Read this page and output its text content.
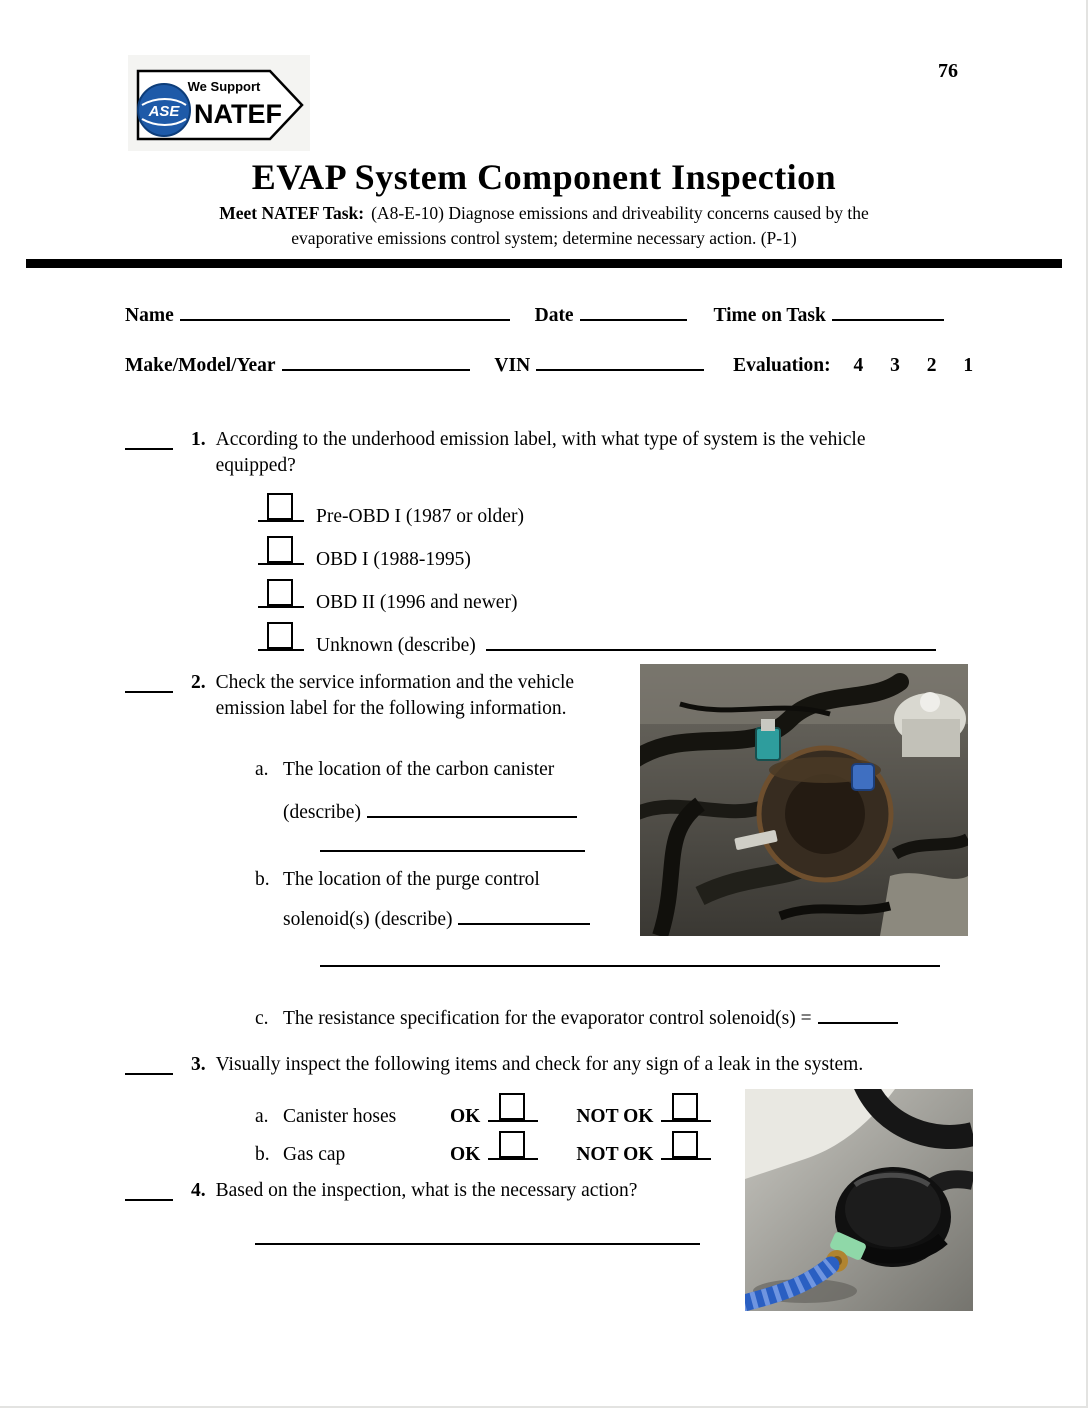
76
We Support
NATEF
ASE
EVAP System Component Inspection
Meet NATEF Task: (A8-E-10) Diagnose emissions and driveability concerns caused by the
evaporative emissions control system; determine necessary action. (P-1)
Name	Date	Time on Task
Make/Model/Year	VIN	Evaluation: 4 3 2 1
1. According to the underhood emission label, with what type of system is the vehicle equipped?
Pre-OBD I (1987 or older)
OBD I (1988-1995)
OBD II (1996 and newer)
Unknown (describe)
2. Check the service information and the vehicle emission label for the following information.
a. The location of the carbon canister
(describe)
b. The location of the purge control
solenoid(s) (describe)
c. The resistance specification for the evaporator control solenoid(s) =
3. Visually inspect the following items and check for any sign of a leak in the system.
a. Canister hoses	OK	NOT OK
b. Gas cap	OK	NOT OK
4. Based on the inspection, what is the necessary action?
